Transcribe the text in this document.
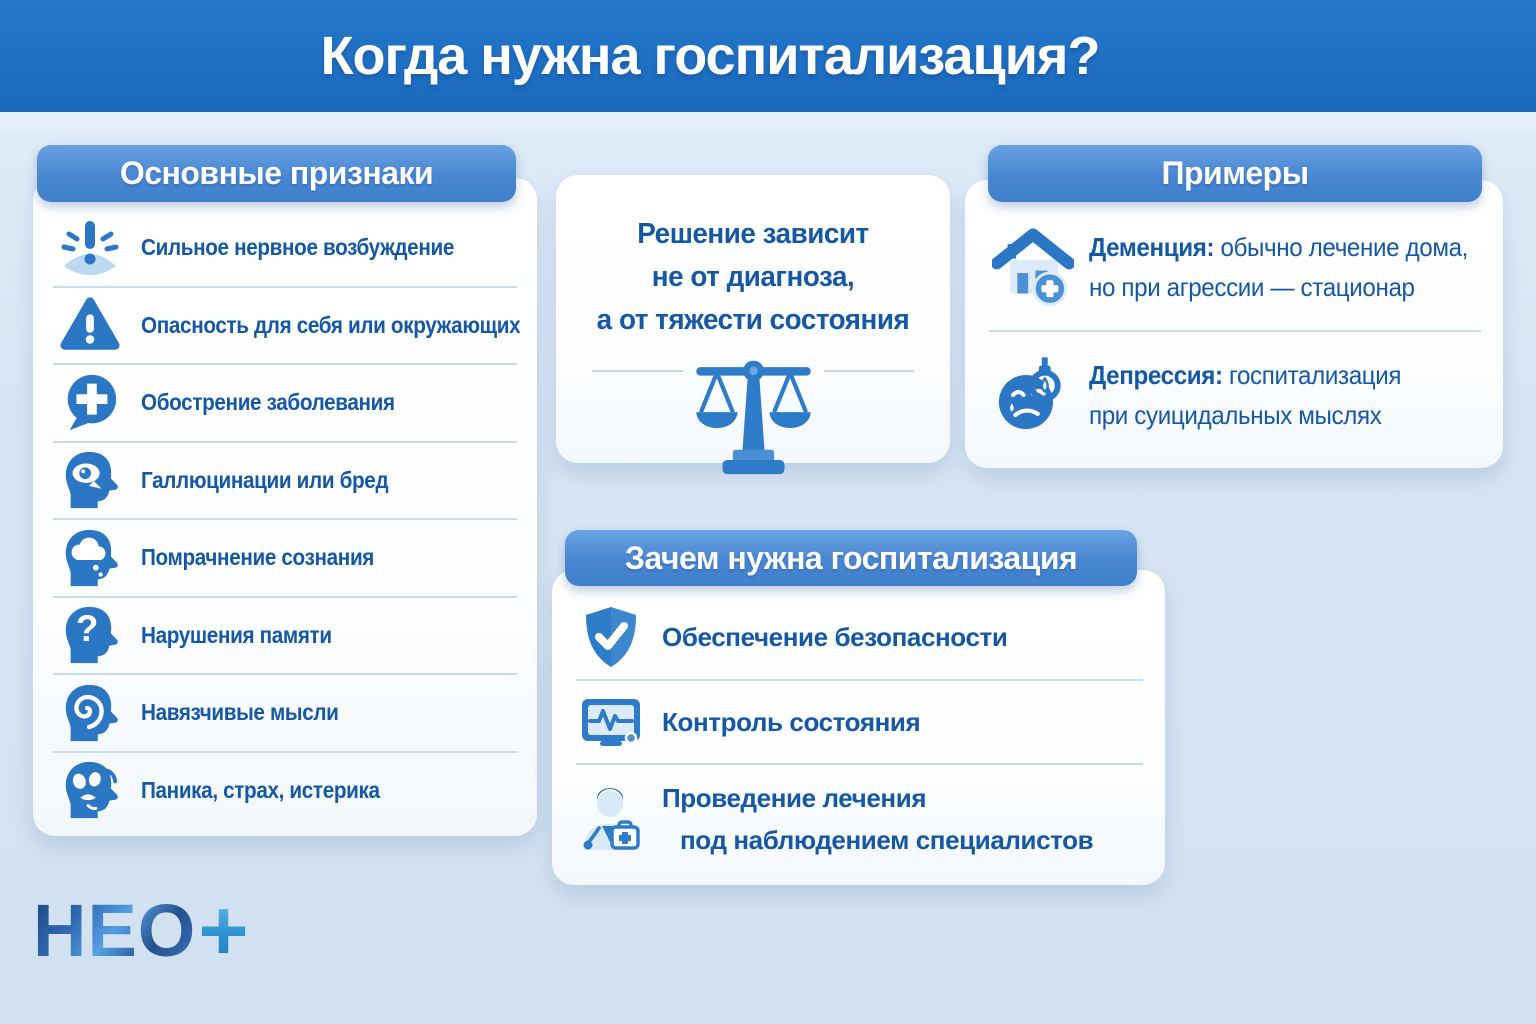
Когда нужна госпитализация?
Основные признаки
Сильное нервное возбуждение
Опасность для себя или окружающих
Обострение заболевания
Галлюцинации или бред
Помрачнение сознания
? Нарушения памяти
Навязчивые мысли
Паника, страх, истерика
Решение зависит
не от диагноза,
а от тяжести состояния
Примеры
Деменция: обычно лечение дома,
но при агрессии — стационар
Депрессия: госпитализация
при суицидальных мыслях
Зачем нужна госпитализация
Обеспечение безопасности
Контроль состояния
Проведение лечения
под наблюдением специалистов
НЕО +
